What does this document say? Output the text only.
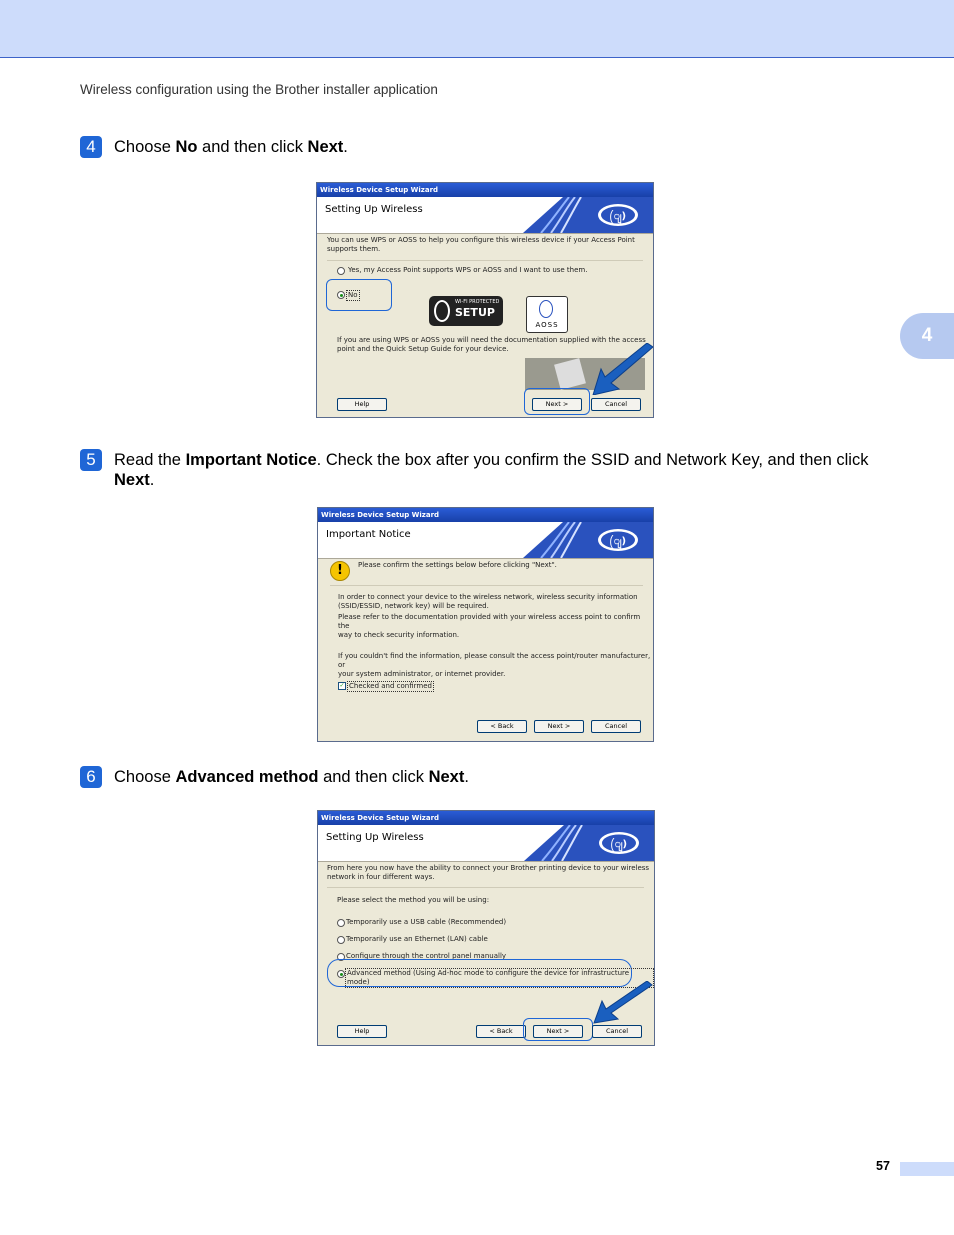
Wireless configuration using the Brother installer application
4
4	Choose No and then click Next.
Wireless Device Setup Wizard
Setting Up Wireless
(ျ)
You can use WPS or AOSS to help you configure this wireless device if your Access Point
supports them.
Yes, my Access Point supports WPS or AOSS and I want to use them.
No
WI-FI PROTECTED
SETUP
AOSS
If you are using WPS or AOSS you will need the documentation supplied with the access
point and the Quick Setup Guide for your device.
Help	Next >	Cancel
5	Read the Important Notice. Check the box after you confirm the SSID and Network Key, and then click Next.
Wireless Device Setup Wizard
Important Notice
(ျ)
!	Please confirm the settings below before clicking "Next".
In order to connect your device to the wireless network, wireless security information
(SSID/ESSID, network key) will be required.
Please refer to the documentation provided with your wireless access point to confirm the
way to check security information.
If you couldn't find the information, please consult the access point/router manufacturer, or
your system administrator, or internet provider.
✓ Checked and confirmed
< Back	Next >	Cancel
6	Choose Advanced method and then click Next.
Wireless Device Setup Wizard
Setting Up Wireless
(ျ)
From here you now have the ability to connect your Brother printing device to your wireless
network in four different ways.
Please select the method you will be using:
Temporarily use a USB cable (Recommended)
Temporarily use an Ethernet (LAN) cable
Configure through the control panel manually
Advanced method (Using Ad-hoc mode to configure the device for infrastructure mode)
Help	< Back	Next >	Cancel
57
